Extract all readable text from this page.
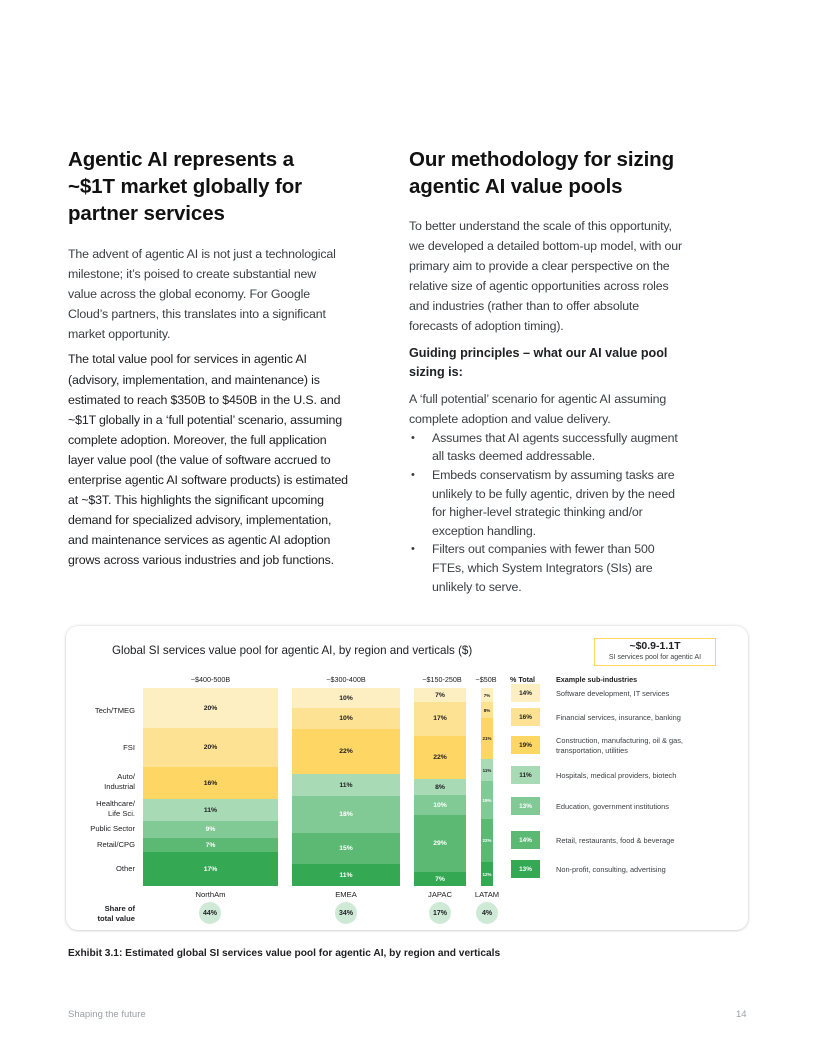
Agentic AI represents a
~$1T market globally for
partner services

The advent of agentic AI is not just a technological milestone; it’s poised to create substantial new value across the global economy. For Google Cloud’s partners, this translates into a significant market opportunity.

The total value pool for services in agentic AI (advisory, implementation, and maintenance) is estimated to reach $350B to $450B in the U.S. and ~$1T globally in a ‘full potential’ scenario, assuming complete adoption. Moreover, the full application layer value pool (the value of software accrued to enterprise agentic AI software products) is estimated at ~$3T. This highlights the significant upcoming demand for specialized advisory, implementation, and maintenance services as agentic AI adoption grows across various industries and job functions.

Our methodology for sizing
agentic AI value pools

To better understand the scale of this opportunity, we developed a detailed bottom-up model, with our primary aim to provide a clear perspective on the relative size of agentic opportunities across roles and industries (rather than to offer absolute forecasts of adoption timing).

Guiding principles – what our AI value pool sizing is:

A ‘full potential’ scenario for agentic AI assuming complete adoption and value delivery.

• Assumes that AI agents successfully augment all tasks deemed addressable.
• Embeds conservatism by assuming tasks are unlikely to be fully agentic, driven by the need for higher-level strategic thinking and/or exception handling.
• Filters out companies with fewer than 500 FTEs, which System Integrators (SIs) are unlikely to serve.
Global SI services value pool for agentic AI, by region and verticals ($)	~$0.9-1.1T
SI services pool for agentic AI
Tech/TMEG
FSI
Auto/
Industrial
Healthcare/
Life Sci.
Public Sector
Retail/CPG
Other
~$400-500B	~$300-400B	~$150-250B	~$50B
20%
20%
16%
11%
9%
7%
17%
10%
10%
22%
11%
18%
15%
11%
7%
17%
22%
8%
10%
29%
7%
7%
8%
21%
11%
19%
22%
12%
NorthAm	EMEA	JAPAC	LATAM
Share of
total value
44%	34%	17%	4%
% Total	Example sub-industries
14%	Software development, IT services
16%	Financial services, insurance, banking
19%	Construction, manufacturing, oil & gas, transportation, utilities
11%	Hospitals, medical providers, biotech
13%	Education, government institutions
14%	Retail, restaurants, food & beverage
13%	Non-profit, consulting, advertising
Exhibit 3.1: Estimated global SI services value pool for agentic AI, by region and verticals
Shaping the future	14
